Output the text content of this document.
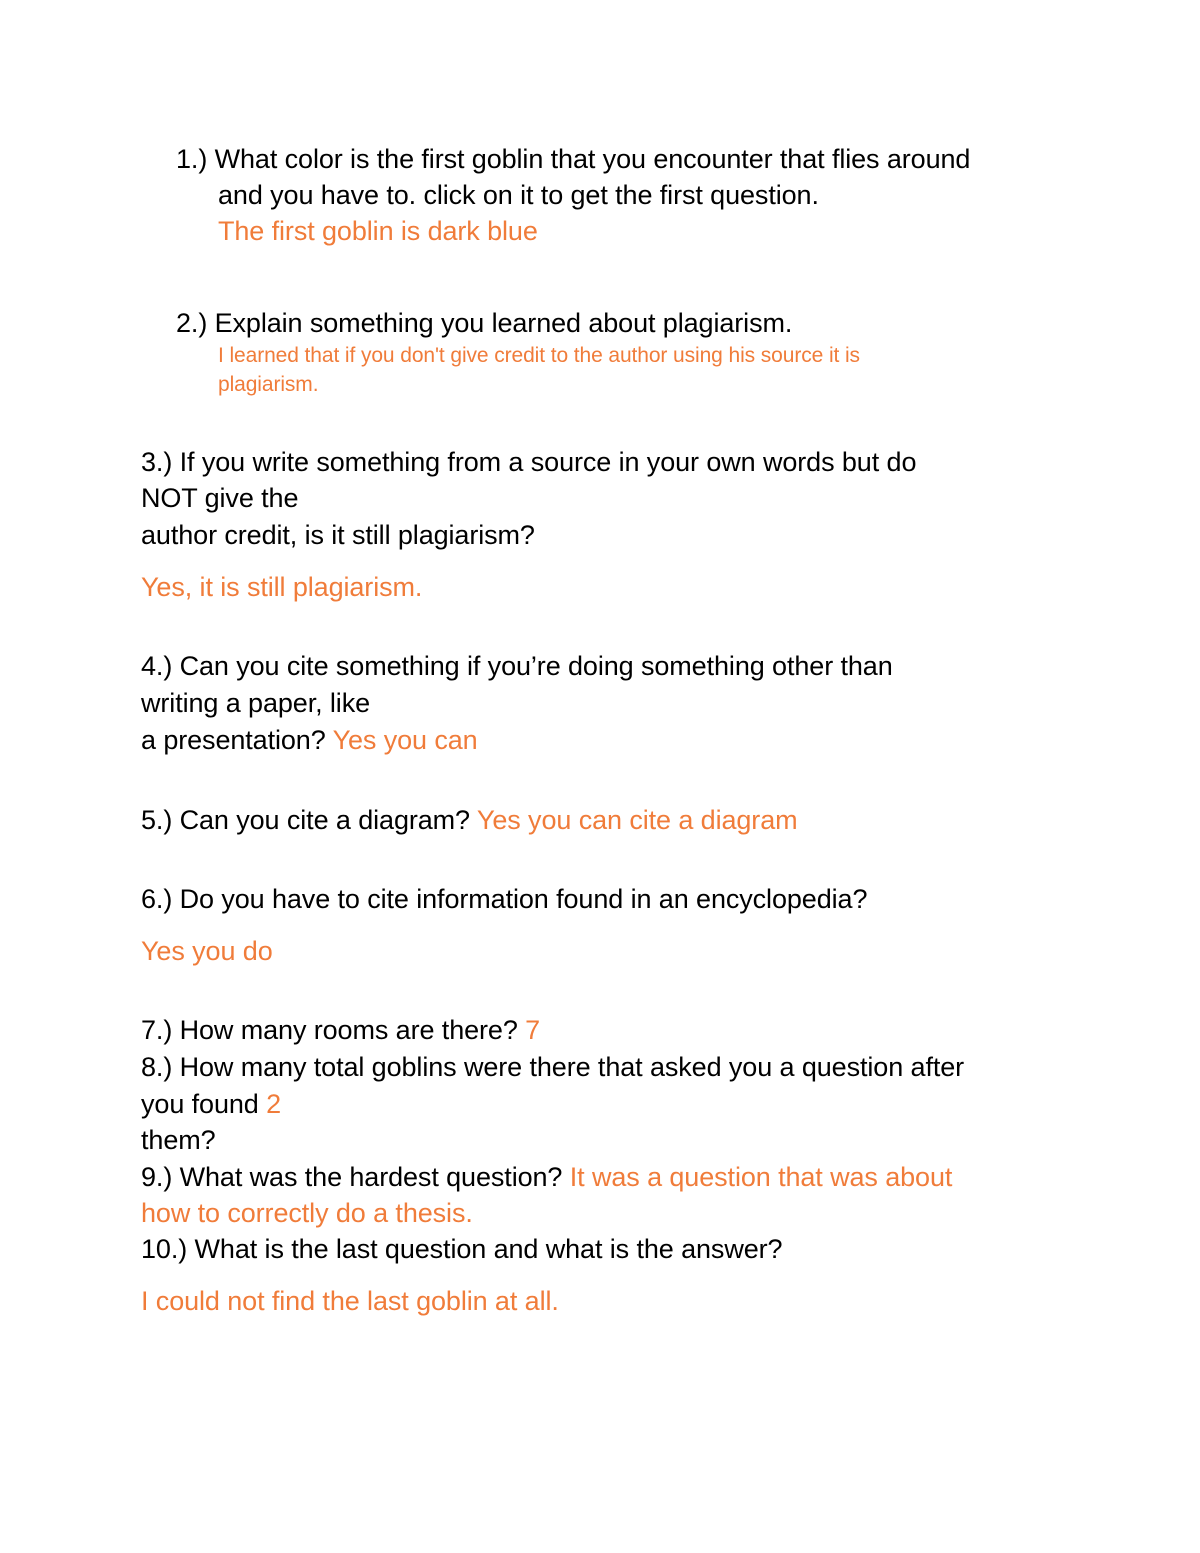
1.) What color is the first goblin that you encounter that flies around
and you have to. click on it to get the first question.
The first goblin is dark blue
2.) Explain something you learned about plagiarism.
I learned that if you don't give credit to the author using his source it is
plagiarism.
3.) If you write something from a source in your own words but do
NOT give the
author credit, is it still plagiarism?
Yes, it is still plagiarism.
4.) Can you cite something if you’re doing something other than
writing a paper, like
a presentation? Yes you can
5.) Can you cite a diagram? Yes you can cite a diagram
6.) Do you have to cite information found in an encyclopedia?
Yes you do
7.) How many rooms are there? 7
8.) How many total goblins were there that asked you a question after
you found 2
them?
9.) What was the hardest question? It was a question that was about
how to correctly do a thesis.
10.) What is the last question and what is the answer?
I could not find the last goblin at all.
